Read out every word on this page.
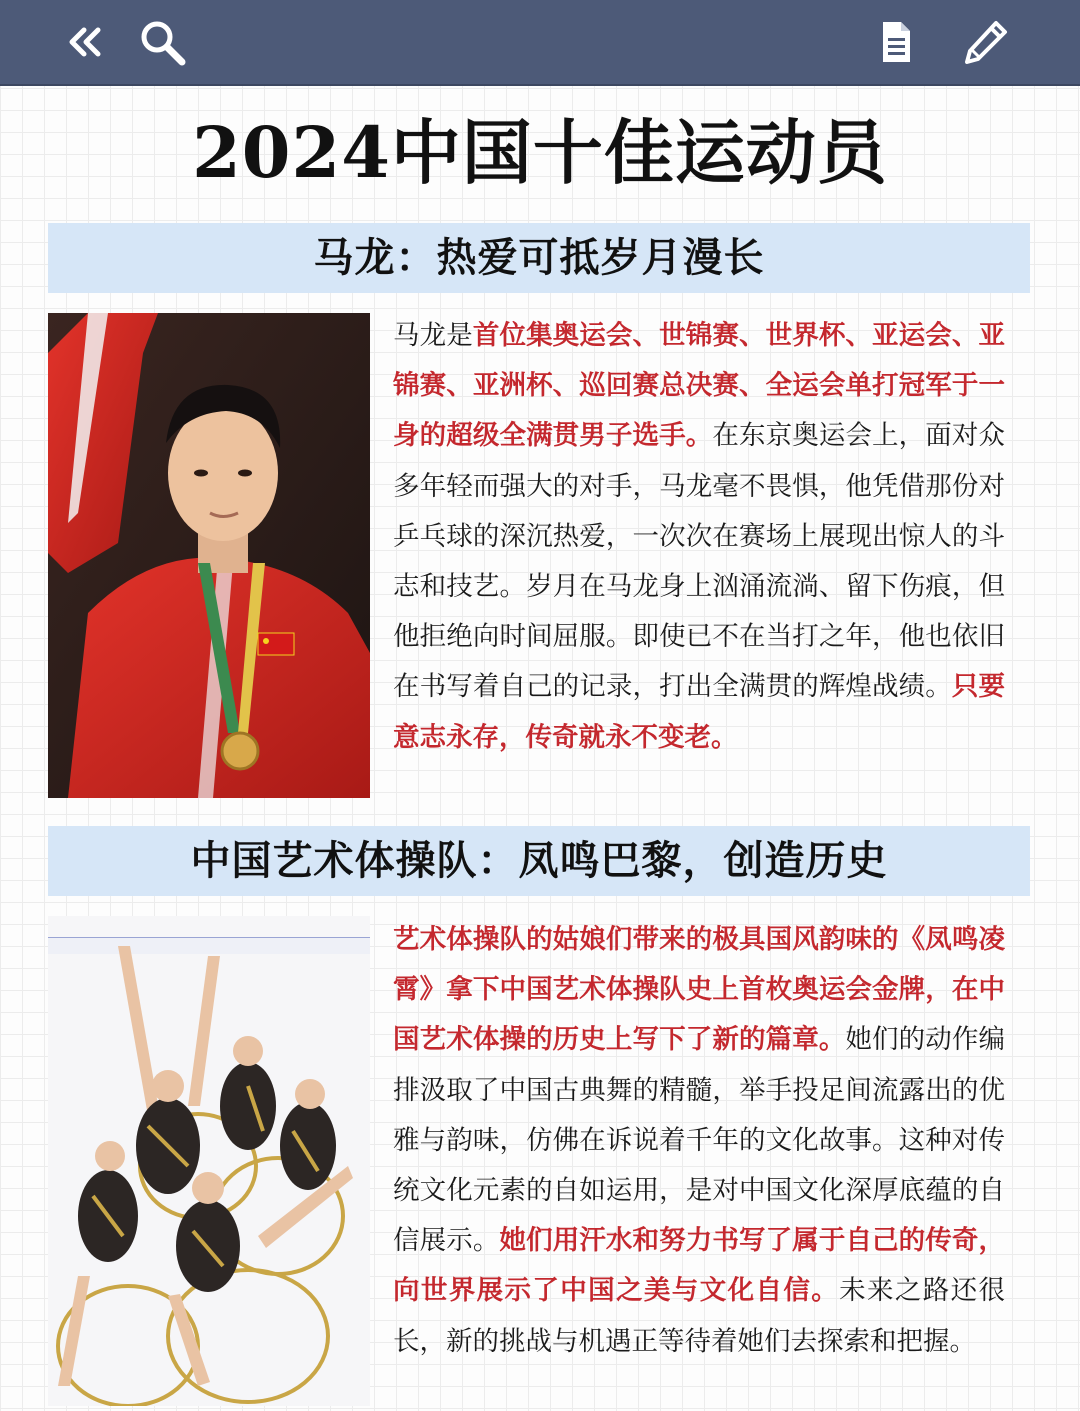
2024中国十佳运动员
马龙：热爱可抵岁月漫长
马龙是首位集奥运会、世锦赛、世界杯、亚运会、亚锦赛、亚洲杯、巡回赛总决赛、全运会单打冠军于一身的超级全满贯男子选手。在东京奥运会上，面对众多年轻而强大的对手，马龙毫不畏惧，他凭借那份对乒乓球的深沉热爱，一次次在赛场上展现出惊人的斗志和技艺。岁月在马龙身上汹涌流淌、留下伤痕，但他拒绝向时间屈服。即使已不在当打之年，他也依旧在书写着自己的记录，打出全满贯的辉煌战绩。只要意志永存，传奇就永不变老。
中国艺术体操队：凤鸣巴黎，创造历史
艺术体操队的姑娘们带来的极具国风韵味的《凤鸣凌霄》拿下中国艺术体操队史上首枚奥运会金牌，在中国艺术体操的历史上写下了新的篇章。她们的动作编排汲取了中国古典舞的精髓，举手投足间流露出的优雅与韵味，仿佛在诉说着千年的文化故事。这种对传统文化元素的自如运用，是对中国文化深厚底蕴的自信展示。她们用汗水和努力书写了属于自己的传奇，向世界展示了中国之美与文化自信。未来之路还很长，新的挑战与机遇正等待着她们去探索和把握。
